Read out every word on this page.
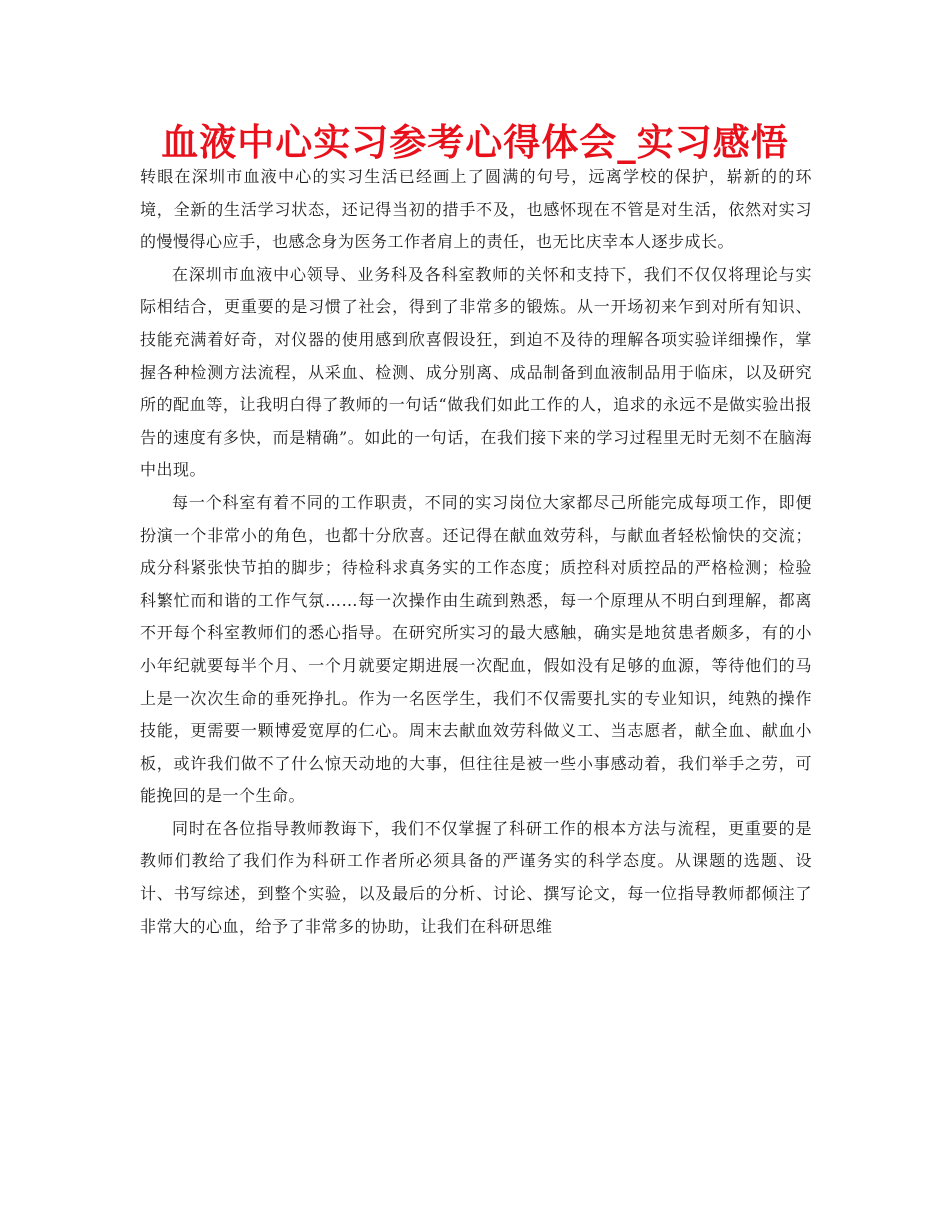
血液中心实习参考心得体会_实习感悟

转眼在深圳市血液中心的实习生活已经画上了圆满的句号，远离学校的保护，崭新的的环境，全新的生活学习状态，还记得当初的措手不及，也感怀现在不管是对生活，依然对实习的慢慢得心应手，也感念身为医务工作者肩上的责任，也无比庆幸本人逐步成长。

在深圳市血液中心领导、业务科及各科室教师的关怀和支持下，我们不仅仅将理论与实际相结合，更重要的是习惯了社会，得到了非常多的锻炼。从一开场初来乍到对所有知识、技能充满着好奇，对仪器的使用感到欣喜假设狂，到迫不及待的理解各项实验详细操作，掌握各种检测方法流程，从采血、检测、成分别离、成品制备到血液制品用于临床，以及研究所的配血等，让我明白得了教师的一句话“做我们如此工作的人，追求的永远不是做实验出报告的速度有多快，而是精确”。如此的一句话，在我们接下来的学习过程里无时无刻不在脑海中出现。

每一个科室有着不同的工作职责，不同的实习岗位大家都尽己所能完成每项工作，即便扮演一个非常小的角色，也都十分欣喜。还记得在献血效劳科，与献血者轻松愉快的交流；成分科紧张快节拍的脚步；待检科求真务实的工作态度；质控科对质控品的严格检测；检验科繁忙而和谐的工作气氛……每一次操作由生疏到熟悉，每一个原理从不明白到理解，都离不开每个科室教师们的悉心指导。在研究所实习的最大感触，确实是地贫患者颇多，有的小小年纪就要每半个月、一个月就要定期进展一次配血，假如没有足够的血源，等待他们的马上是一次次生命的垂死挣扎。作为一名医学生，我们不仅需要扎实的专业知识，纯熟的操作技能，更需要一颗博爱宽厚的仁心。周末去献血效劳科做义工、当志愿者，献全血、献血小板，或许我们做不了什么惊天动地的大事，但往往是被一些小事感动着，我们举手之劳，可能挽回的是一个生命。

同时在各位指导教师教诲下，我们不仅掌握了科研工作的根本方法与流程，更重要的是教师们教给了我们作为科研工作者所必须具备的严谨务实的科学态度。从课题的选题、设计、书写综述，到整个实验，以及最后的分析、讨论、撰写论文，每一位指导教师都倾注了非常大的心血，给予了非常多的协助，让我们在科研思维
